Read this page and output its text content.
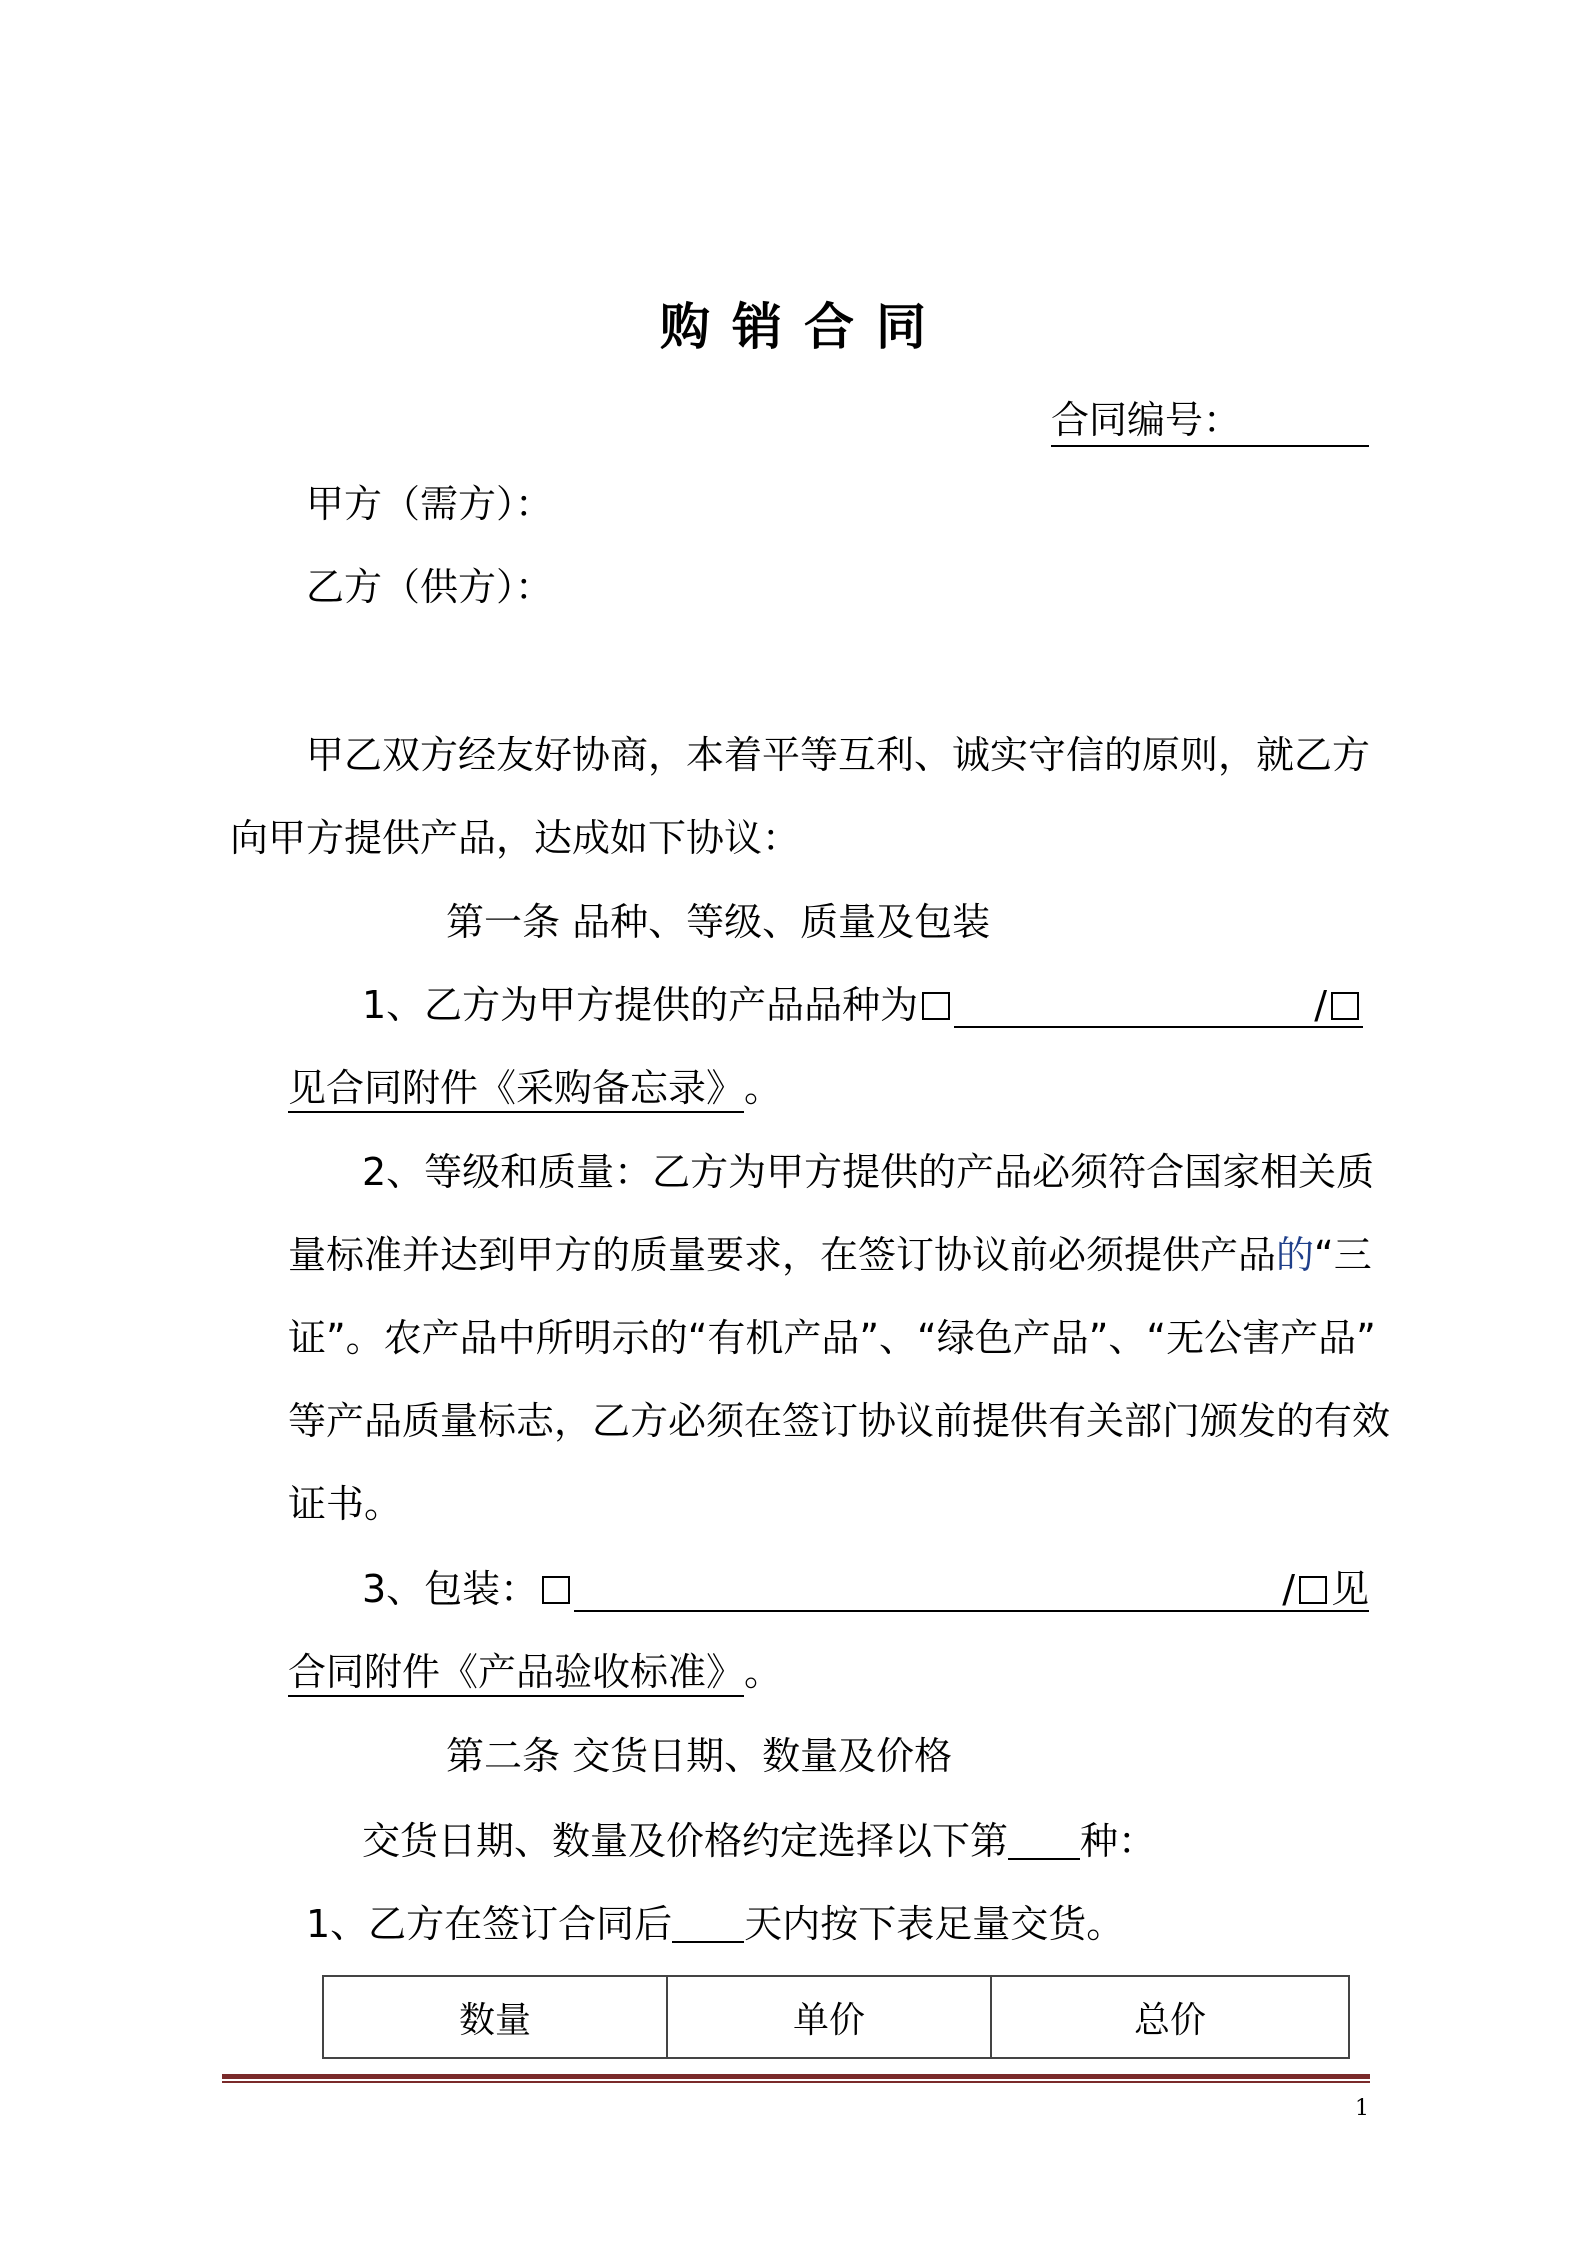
购销合同
合同编号：
甲方（需方）：
乙方（供方）：
甲乙双方经友好协商，本着平等互利、诚实守信的原则，就乙方
向甲方提供产品，达成如下协议：
第一条 品种、等级、质量及包装
1、乙方为甲方提供的产品品种为	/
见合同附件《采购备忘录》。
2、等级和质量：乙方为甲方提供的产品必须符合国家相关质
量标准并达到甲方的质量要求，在签订协议前必须提供产品的“三
证”。农产品中所明示的“有机产品”、“绿色产品”、“无公害产品”
等产品质量标志，乙方必须在签订协议前提供有关部门颁发的有效
证书。
3、包装：	/ 见
合同附件《产品验收标准》。
第二条 交货日期、数量及价格
交货日期、数量及价格约定选择以下第 种：
1、乙方在签订合同后 天内按下表足量交货。
数量	单价	总价
1
